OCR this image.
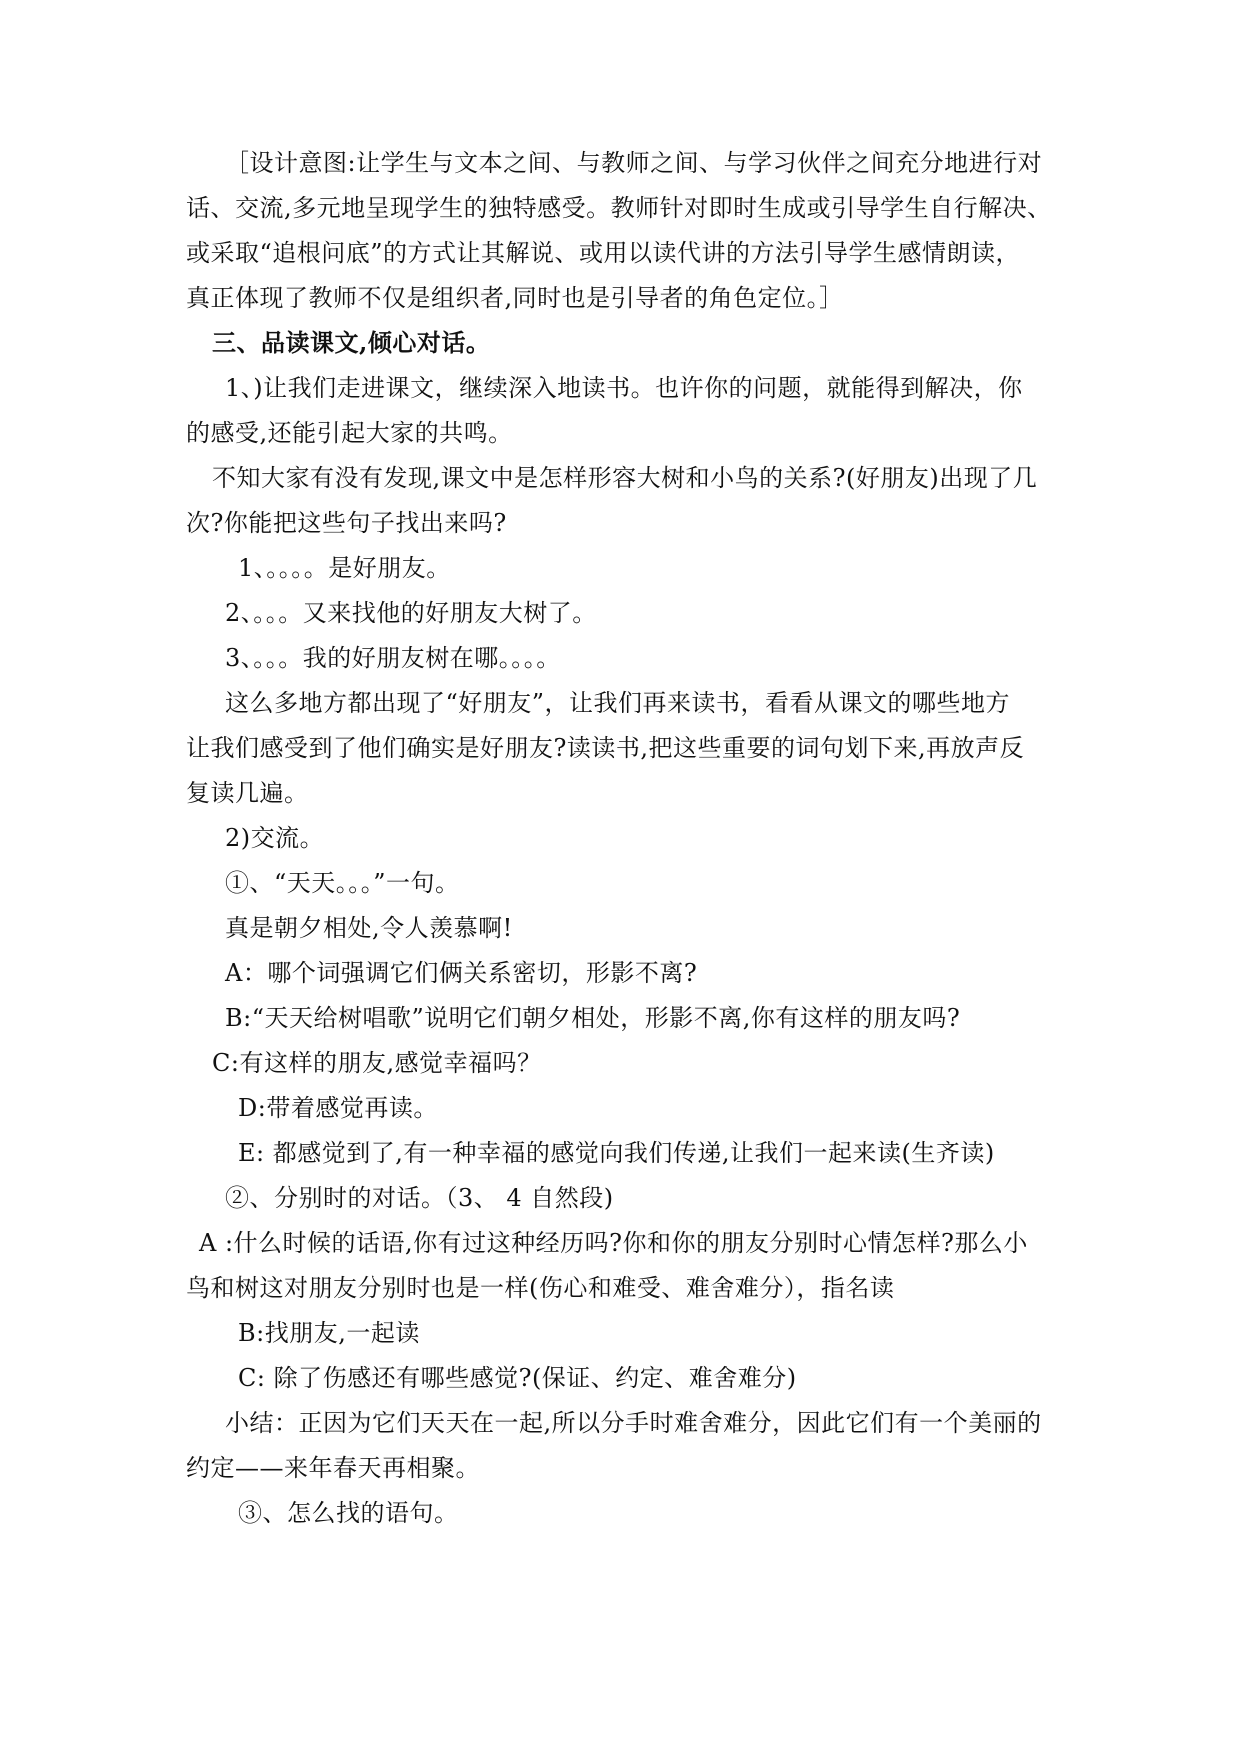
［设计意图:让学生与文本之间、与教师之间、与学习伙伴之间充分地进行对
话、交流,多元地呈现学生的独特感受。教师针对即时生成或引导学生自行解决、
或采取“追根问底”的方式让其解说、或用以读代讲的方法引导学生感情朗读，
真正体现了教师不仅是组织者,同时也是引导者的角色定位。］
三、品读课文,倾心对话。
1、)让我们走进课文，继续深入地读书。也许你的问题，就能得到解决，你
的感受,还能引起大家的共鸣。
不知大家有没有发现,课文中是怎样形容大树和小鸟的关系?(好朋友)出现了几
次?你能把这些句子找出来吗?
1、。。。。是好朋友。
2、。。。又来找他的好朋友大树了。
3、。。。我的好朋友树在哪。。。。
这么多地方都出现了“好朋友”，让我们再来读书，看看从课文的哪些地方
让我们感受到了他们确实是好朋友?读读书,把这些重要的词句划下来,再放声反
复读几遍。
2)交流。
①、“天天。。。”一句。
真是朝夕相处,令人羡慕啊!
A：哪个词强调它们俩关系密切，形影不离?
B:“天天给树唱歌”说明它们朝夕相处，形影不离,你有这样的朋友吗?
C:有这样的朋友,感觉幸福吗？
D:带着感觉再读。
E: 都感觉到了,有一种幸福的感觉向我们传递,让我们一起来读(生齐读)
②、分别时的对话。（3、 4 自然段)
A :什么时候的话语,你有过这种经历吗?你和你的朋友分别时心情怎样?那么小
鸟和树这对朋友分别时也是一样(伤心和难受、难舍难分），指名读
B:找朋友,一起读
C: 除了伤感还有哪些感觉?(保证、约定、难舍难分)
小结：正因为它们天天在一起,所以分手时难舍难分，因此它们有一个美丽的
约定——来年春天再相聚。
③、怎么找的语句。
